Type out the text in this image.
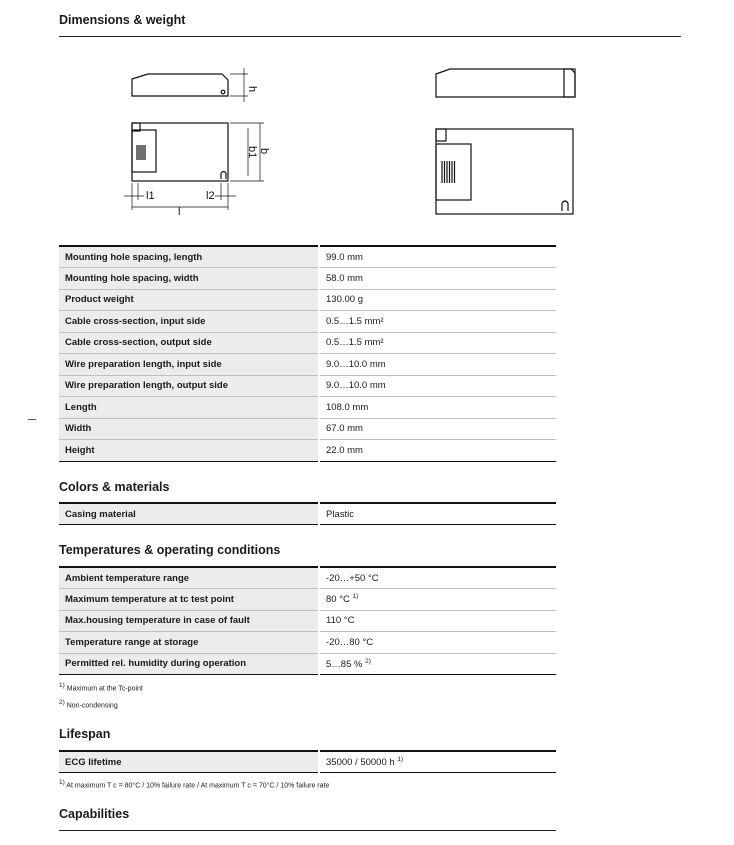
Dimensions & weight
h
b1 b
l1	l2
l
Mounting hole spacing, length	99.0 mm
Mounting hole spacing, width	58.0 mm
Product weight	130.00 g
Cable cross-section, input side	0.5…1.5 mm²
Cable cross-section, output side	0.5…1.5 mm²
Wire preparation length, input side	9.0…10.0 mm
Wire preparation length, output side	9.0…10.0 mm
Length	108.0 mm
Width	67.0 mm
Height	22.0 mm
Colors & materials
Casing material	Plastic
Temperatures & operating conditions
Ambient temperature range	-20…+50 °C
Maximum temperature at tc test point	80 °C $^{1)}$
Max.housing temperature in case of fault	110 °C
Temperature range at storage	-20…80 °C
Permitted rel. humidity during operation	5…85 % $^{2)}$
$^{1)}$ Maximum at the Tc-point
$^{2)}$ Non-condensing
Lifespan
ECG lifetime	35000 / 50000 h $^{1)}$
$^{1)}$ At maximum T c = 80°C / 10% failure rate / At maximum T c = 70°C / 10% failure rate
Capabilities
